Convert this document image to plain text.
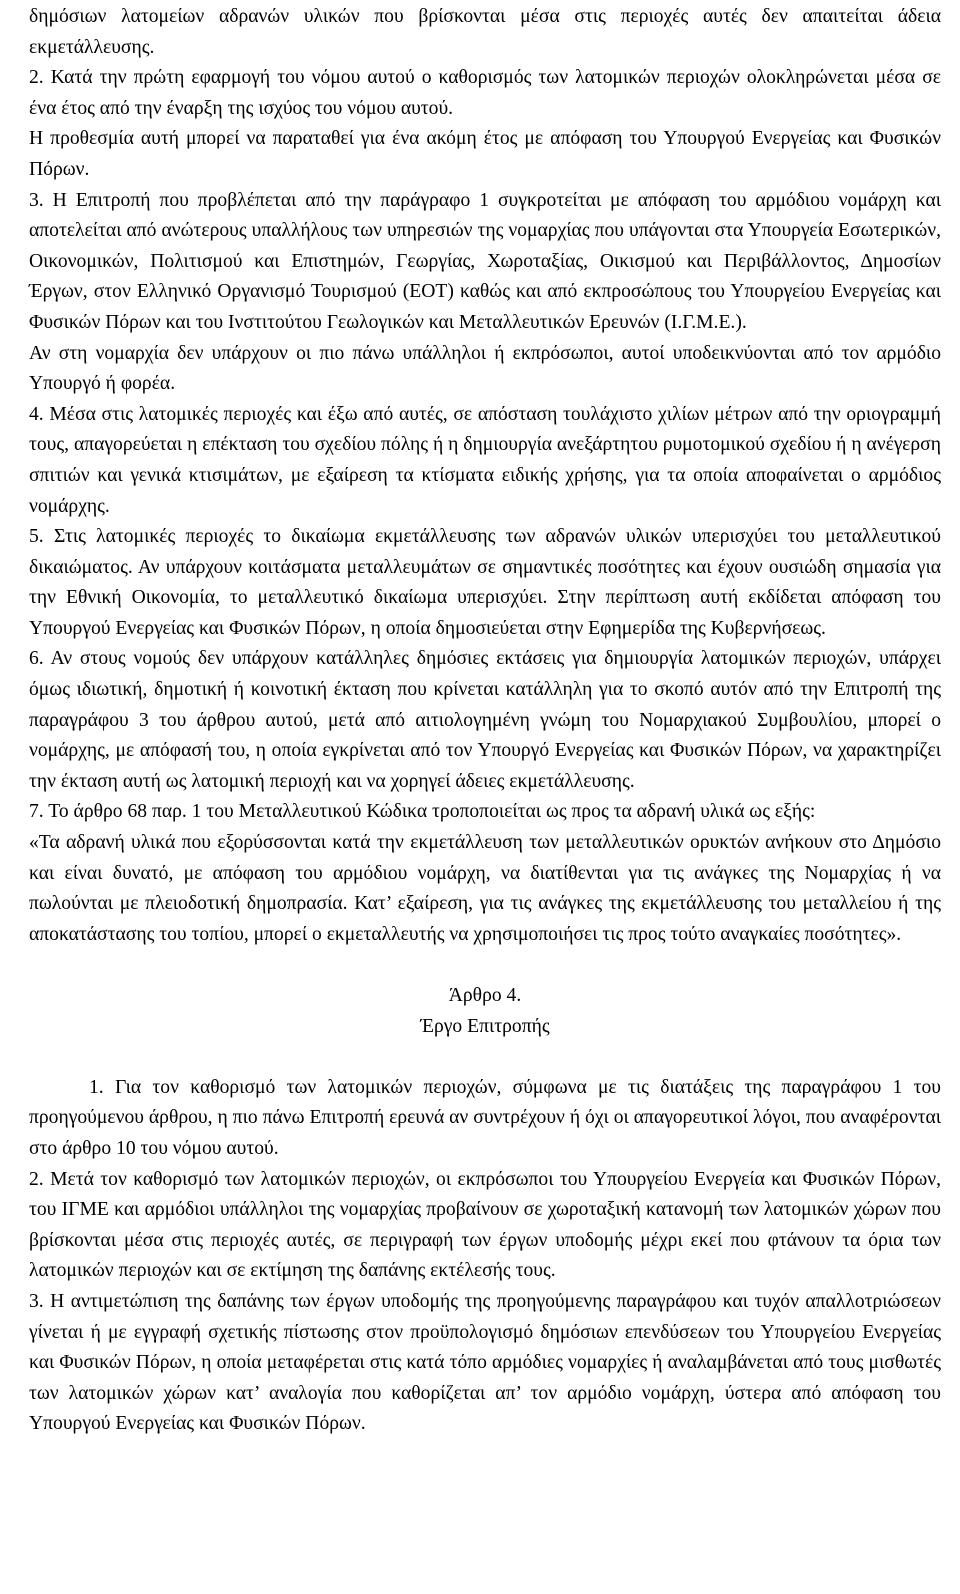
δημόσιων λατομείων αδρανών υλικών που βρίσκονται μέσα στις περιοχές αυτές δεν απαιτείται άδεια εκμετάλλευσης.

2. Κατά την πρώτη εφαρμογή του νόμου αυτού ο καθορισμός των λατομικών περιοχών ολοκληρώνεται μέσα σε ένα έτος από την έναρξη της ισχύος του νόμου αυτού.

Η προθεσμία αυτή μπορεί να παραταθεί για ένα ακόμη έτος με απόφαση του Υπουργού Ενεργείας και Φυσικών Πόρων.

3. Η Επιτροπή που προβλέπεται από την παράγραφο 1 συγκροτείται με απόφαση του αρμόδιου νομάρχη και αποτελείται από ανώτερους υπαλλήλους των υπηρεσιών της νομαρχίας που υπάγονται στα Υπουργεία Εσωτερικών, Οικονομικών, Πολιτισμού και Επιστημών, Γεωργίας, Χωροταξίας, Οικισμού και Περιβάλλοντος, Δημοσίων Έργων, στον Ελληνικό Οργανισμό Τουρισμού (ΕΟΤ) καθώς και από εκπροσώπους του Υπουργείου Ενεργείας και Φυσικών Πόρων και του Ινστιτούτου Γεωλογικών και Μεταλλευτικών Ερευνών (Ι.Γ.Μ.Ε.).

Αν στη νομαρχία δεν υπάρχουν οι πιο πάνω υπάλληλοι ή εκπρόσωποι, αυτοί υποδεικνύονται από τον αρμόδιο Υπουργό ή φορέα.

4. Μέσα στις λατομικές περιοχές και έξω από αυτές, σε απόσταση τουλάχιστο χιλίων μέτρων από την οριογραμμή τους, απαγορεύεται η επέκταση του σχεδίου πόλης ή η δημιουργία ανεξάρτητου ρυμοτομικού σχεδίου ή η ανέγερση σπιτιών και γενικά κτισιμάτων, με εξαίρεση τα κτίσματα ειδικής χρήσης, για τα οποία αποφαίνεται ο αρμόδιος νομάρχης.

5. Στις λατομικές περιοχές το δικαίωμα εκμετάλλευσης των αδρανών υλικών υπερισχύει του μεταλλευτικού δικαιώματος. Αν υπάρχουν κοιτάσματα μεταλλευμάτων σε σημαντικές ποσότητες και έχουν ουσιώδη σημασία για την Εθνική Οικονομία, το μεταλλευτικό δικαίωμα υπερισχύει. Στην περίπτωση αυτή εκδίδεται απόφαση του Υπουργού Ενεργείας και Φυσικών Πόρων, η οποία δημοσιεύεται στην Εφημερίδα της Κυβερνήσεως.

6. Αν στους νομούς δεν υπάρχουν κατάλληλες δημόσιες εκτάσεις για δημιουργία λατομικών περιοχών, υπάρχει όμως ιδιωτική, δημοτική ή κοινοτική έκταση που κρίνεται κατάλληλη για το σκοπό αυτόν από την Επιτροπή της παραγράφου 3 του άρθρου αυτού, μετά από αιτιολογημένη γνώμη του Νομαρχιακού Συμβουλίου, μπορεί ο νομάρχης, με απόφασή του, η οποία εγκρίνεται από τον Υπουργό Ενεργείας και Φυσικών Πόρων, να χαρακτηρίζει την έκταση αυτή ως λατομική περιοχή και να χορηγεί άδειες εκμετάλλευσης.

7. Το άρθρο 68 παρ. 1 του Μεταλλευτικού Κώδικα τροποποιείται ως προς τα αδρανή υλικά ως εξής:

«Τα αδρανή υλικά που εξορύσσονται κατά την εκμετάλλευση των μεταλλευτικών ορυκτών ανήκουν στο Δημόσιο και είναι δυνατό, με απόφαση του αρμόδιου νομάρχη, να διατίθενται για τις ανάγκες της Νομαρχίας ή να πωλούνται με πλειοδοτική δημοπρασία. Κατ’ εξαίρεση, για τις ανάγκες της εκμετάλλευσης του μεταλλείου ή της αποκατάστασης του τοπίου, μπορεί ο εκμεταλλευτής να χρησιμοποιήσει τις προς τούτο αναγκαίες ποσότητες».

Άρθρο 4.

Έργο Επιτροπής

1. Για τον καθορισμό των λατομικών περιοχών, σύμφωνα με τις διατάξεις της παραγράφου 1 του προηγούμενου άρθρου, η πιο πάνω Επιτροπή ερευνά αν συντρέχουν ή όχι οι απαγορευτικοί λόγοι, που αναφέρονται στο άρθρο 10 του νόμου αυτού.

2. Μετά τον καθορισμό των λατομικών περιοχών, οι εκπρόσωποι του Υπουργείου Ενεργεία και Φυσικών Πόρων, του ΙΓΜΕ και αρμόδιοι υπάλληλοι της νομαρχίας προβαίνουν σε χωροταξική κατανομή των λατομικών χώρων που βρίσκονται μέσα στις περιοχές αυτές, σε περιγραφή των έργων υποδομής μέχρι εκεί που φτάνουν τα όρια των λατομικών περιοχών και σε εκτίμηση της δαπάνης εκτέλεσής τους.

3. Η αντιμετώπιση της δαπάνης των έργων υποδομής της προηγούμενης παραγράφου και τυχόν απαλλοτριώσεων γίνεται ή με εγγραφή σχετικής πίστωσης στον προϋπολογισμό δημόσιων επενδύσεων του Υπουργείου Ενεργείας και Φυσικών Πόρων, η οποία μεταφέρεται στις κατά τόπο αρμόδιες νομαρχίες ή αναλαμβάνεται από τους μισθωτές των λατομικών χώρων κατ’ αναλογία που καθορίζεται απ’ τον αρμόδιο νομάρχη, ύστερα από απόφαση του Υπουργού Ενεργείας και Φυσικών Πόρων.
